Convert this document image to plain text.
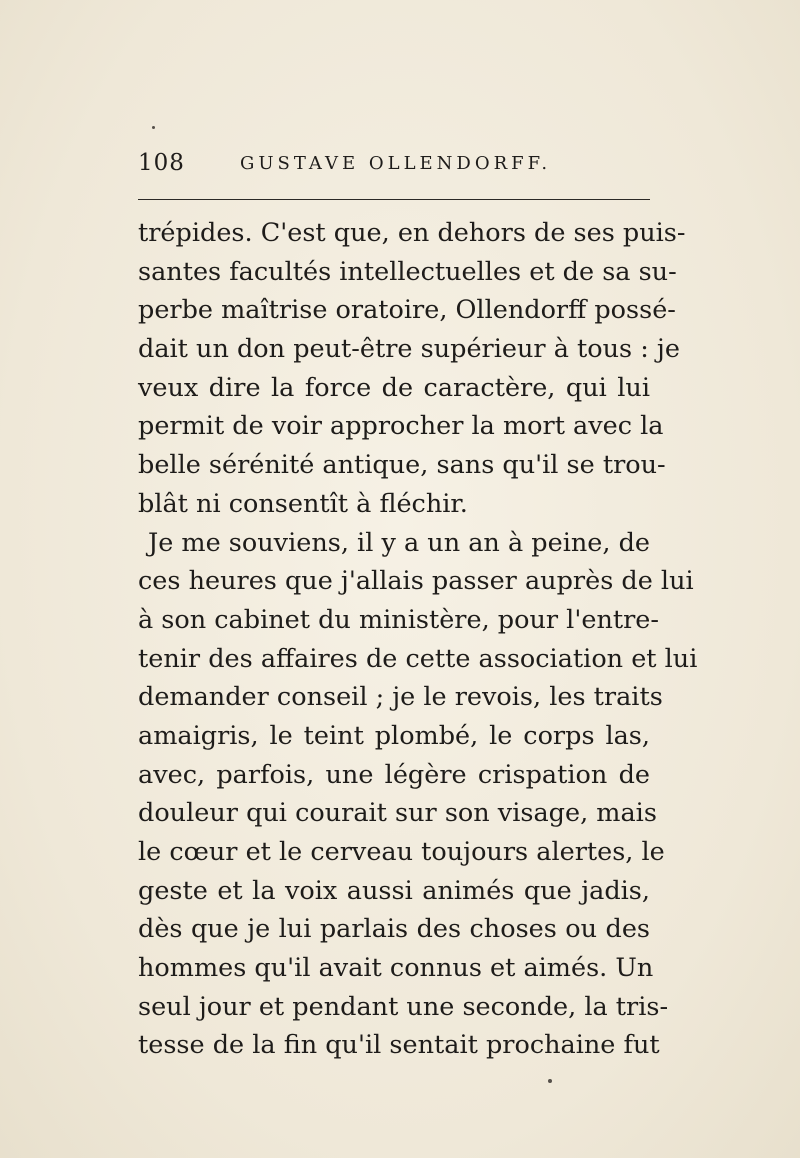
108	GUSTAVE OLLENDORFF.
trépides. C'est que, en dehors de ses puis-
santes facultés intellectuelles et de sa su-
perbe maîtrise oratoire, Ollendorff possé-
dait un don peut-être supérieur à tous : je
veux dire la force de caractère, qui lui
permit de voir approcher la mort avec la
belle sérénité antique, sans qu'il se trou-
blât ni consentît à fléchir.
Je me souviens, il y a un an à peine, de
ces heures que j'allais passer auprès de lui
à son cabinet du ministère, pour l'entre-
tenir des affaires de cette association et lui
demander conseil ; je le revois, les traits
amaigris, le teint plombé, le corps las,
avec, parfois, une légère crispation de
douleur qui courait sur son visage, mais
le cœur et le cerveau toujours alertes, le
geste et la voix aussi animés que jadis,
dès que je lui parlais des choses ou des
hommes qu'il avait connus et aimés. Un
seul jour et pendant une seconde, la tris-
tesse de la fin qu'il sentait prochaine fut
